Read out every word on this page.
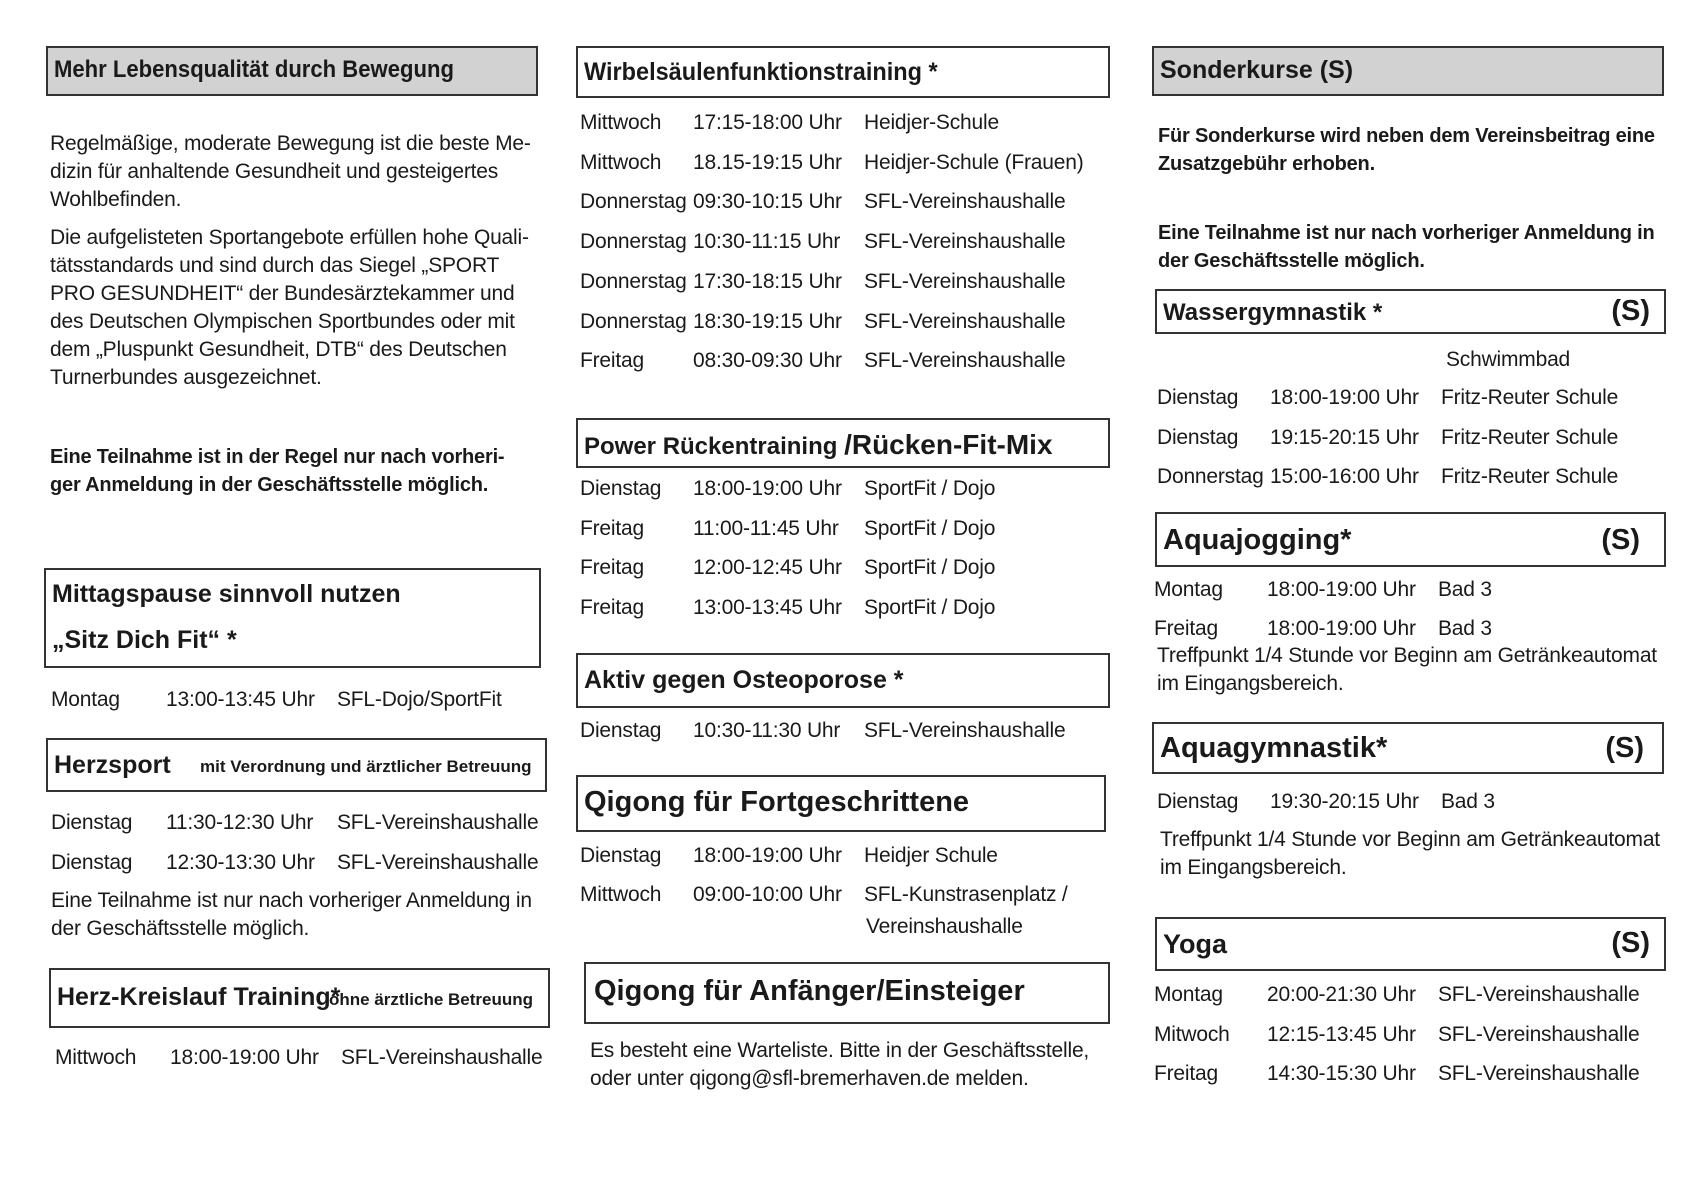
Mehr Lebensqualität durch Bewegung
Regelmäßige, moderate Bewegung ist die beste Me-
dizin für anhaltende Gesundheit und gesteigertes
Wohlbefinden.
Die aufgelisteten Sportangebote erfüllen hohe Quali-
tätsstandards und sind durch das Siegel „SPORT
PRO GESUNDHEIT“ der Bundesärztekammer und
des Deutschen Olympischen Sportbundes oder mit
dem „Pluspunkt Gesundheit, DTB“ des Deutschen
Turnerbundes ausgezeichnet.
Eine Teilnahme ist in der Regel nur nach vorheri-
ger Anmeldung in der Geschäftsstelle möglich.
Mittagspause sinnvoll nutzen
„Sitz Dich Fit“ *
Montag 13:00-13:45 Uhr SFL-Dojo/SportFit
Herzsport mit Verordnung und ärztlicher Betreuung
Dienstag 11:30-12:30 Uhr SFL-Vereinshaushalle
Dienstag 12:30-13:30 Uhr SFL-Vereinshaushalle
Eine Teilnahme ist nur nach vorheriger Anmeldung in
der Geschäftsstelle möglich.
Herz-Kreislauf Training*
ohne ärztliche Betreuung
Mittwoch 18:00-19:00 Uhr SFL-Vereinshaushalle
Wirbelsäulenfunktionstraining *
Mittwoch 17:15-18:00 Uhr Heidjer-Schule
Mittwoch 18.15-19:15 Uhr Heidjer-Schule (Frauen)
Donnerstag 09:30-10:15 Uhr SFL-Vereinshaushalle
Donnerstag 10:30-11:15 Uhr SFL-Vereinshaushalle
Donnerstag 17:30-18:15 Uhr SFL-Vereinshaushalle
Donnerstag 18:30-19:15 Uhr SFL-Vereinshaushalle
Freitag 08:30-09:30 Uhr SFL-Vereinshaushalle
Power Rückentraining /Rücken-Fit-Mix
Dienstag 18:00-19:00 Uhr SportFit / Dojo
Freitag 11:00-11:45 Uhr SportFit / Dojo
Freitag 12:00-12:45 Uhr SportFit / Dojo
Freitag 13:00-13:45 Uhr SportFit / Dojo
Aktiv gegen Osteoporose *
Dienstag 10:30-11:30 Uhr SFL-Vereinshaushalle
Qigong für Fortgeschrittene
Dienstag 18:00-19:00 Uhr Heidjer Schule
Mittwoch 09:00-10:00 Uhr SFL-Kunstrasenplatz /
Vereinshaushalle
Qigong für Anfänger/Einsteiger
Es besteht eine Warteliste. Bitte in der Geschäftsstelle,
oder unter qigong@sfl-bremerhaven.de melden.
Sonderkurse (S)
Für Sonderkurse wird neben dem Vereinsbeitrag eine
Zusatzgebühr erhoben.
Eine Teilnahme ist nur nach vorheriger Anmeldung in
der Geschäftsstelle möglich.
Wassergymnastik *	(S)
Schwimmbad
Dienstag 18:00-19:00 Uhr Fritz-Reuter Schule
Dienstag 19:15-20:15 Uhr Fritz-Reuter Schule
Donnerstag 15:00-16:00 Uhr Fritz-Reuter Schule
Aquajogging*	(S)
Montag 18:00-19:00 Uhr Bad 3
Freitag 18:00-19:00 Uhr Bad 3
Treffpunkt 1/4 Stunde vor Beginn am Getränkeautomat
im Eingangsbereich.
Aquagymnastik*	(S)
Dienstag 19:30-20:15 Uhr Bad 3
Treffpunkt 1/4 Stunde vor Beginn am Getränkeautomat
im Eingangsbereich.
Yoga	(S)
Montag 20:00-21:30 Uhr SFL-Vereinshaushalle
Mitwoch 12:15-13:45 Uhr SFL-Vereinshaushalle
Freitag 14:30-15:30 Uhr SFL-Vereinshaushalle
